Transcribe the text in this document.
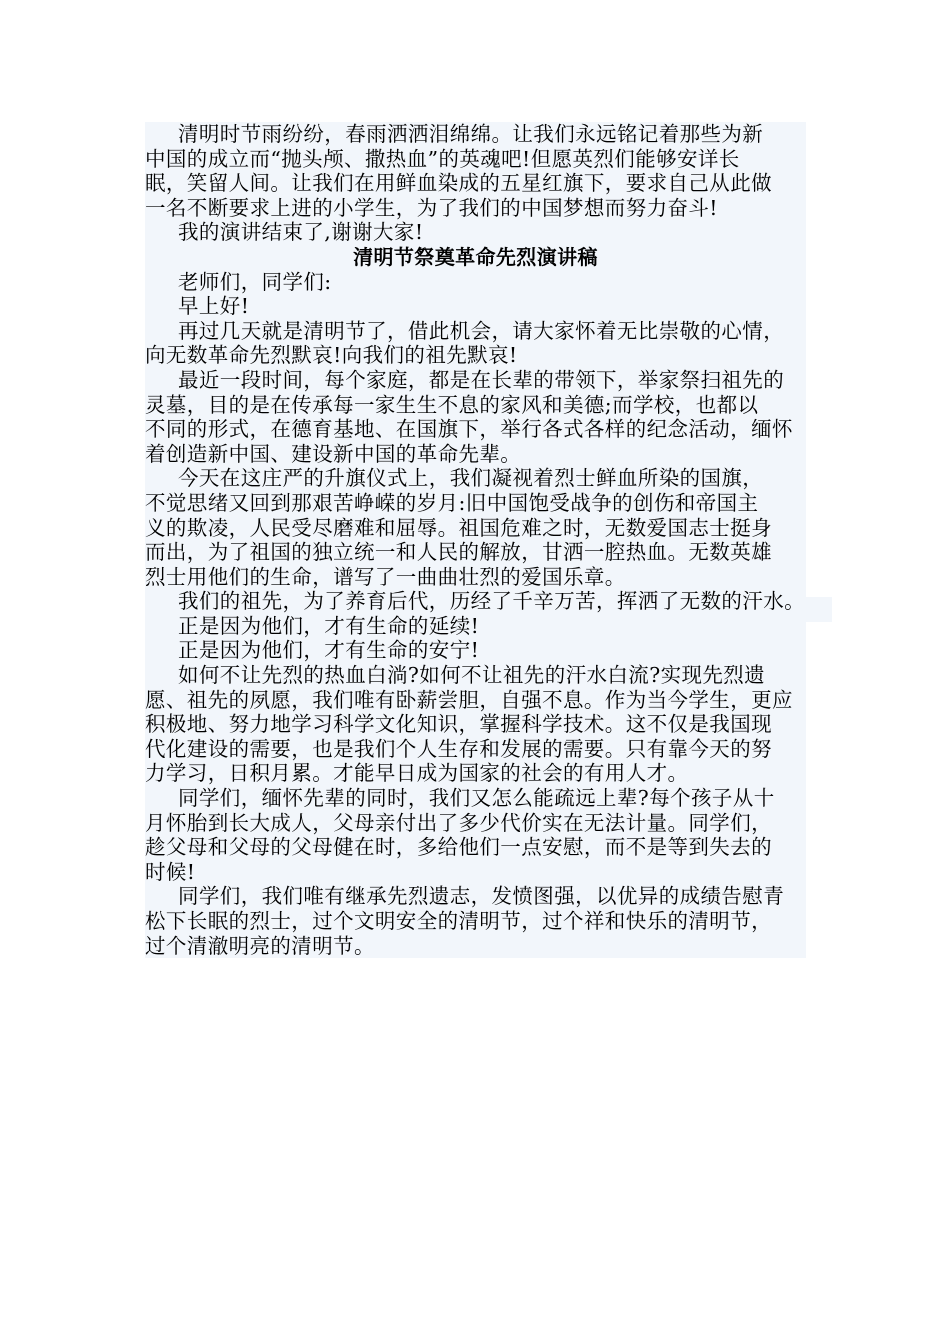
清明时节雨纷纷，春雨洒洒泪绵绵。让我们永远铭记着那些为新
中国的成立而“抛头颅、撒热血”的英魂吧!但愿英烈们能够安详长
眠，笑留人间。让我们在用鲜血染成的五星红旗下，要求自己从此做
一名不断要求上进的小学生，为了我们的中国梦想而努力奋斗!

我的演讲结束了,谢谢大家!

清明节祭奠革命先烈演讲稿

老师们，同学们:

早上好!

再过几天就是清明节了，借此机会，请大家怀着无比崇敬的心情，
向无数革命先烈默哀!向我们的祖先默哀!

最近一段时间，每个家庭，都是在长辈的带领下，举家祭扫祖先的
灵墓，目的是在传承每一家生生不息的家风和美德;而学校，也都以
不同的形式，在德育基地、在国旗下，举行各式各样的纪念活动，缅怀
着创造新中国、建设新中国的革命先辈。

今天在这庄严的升旗仪式上，我们凝视着烈士鲜血所染的国旗，
不觉思绪又回到那艰苦峥嵘的岁月:旧中国饱受战争的创伤和帝国主
义的欺凌，人民受尽磨难和屈辱。祖国危难之时，无数爱国志士挺身
而出，为了祖国的独立统一和人民的解放，甘洒一腔热血。无数英雄
烈士用他们的生命，谱写了一曲曲壮烈的爱国乐章。

我们的祖先，为了养育后代，历经了千辛万苦，挥洒了无数的汗水。

正是因为他们，才有生命的延续!

正是因为他们，才有生命的安宁!

如何不让先烈的热血白淌?如何不让祖先的汗水白流?实现先烈遗
愿、祖先的夙愿，我们唯有卧薪尝胆，自强不息。作为当今学生，更应
积极地、努力地学习科学文化知识，掌握科学技术。这不仅是我国现
代化建设的需要，也是我们个人生存和发展的需要。只有靠今天的努
力学习，日积月累。才能早日成为国家的社会的有用人才。

同学们，缅怀先辈的同时，我们又怎么能疏远上辈?每个孩子从十
月怀胎到长大成人，父母亲付出了多少代价实在无法计量。同学们，
趁父母和父母的父母健在时，多给他们一点安慰，而不是等到失去的
时候!

同学们，我们唯有继承先烈遗志，发愤图强，以优异的成绩告慰青
松下长眠的烈士，过个文明安全的清明节，过个祥和快乐的清明节，
过个清澈明亮的清明节。
